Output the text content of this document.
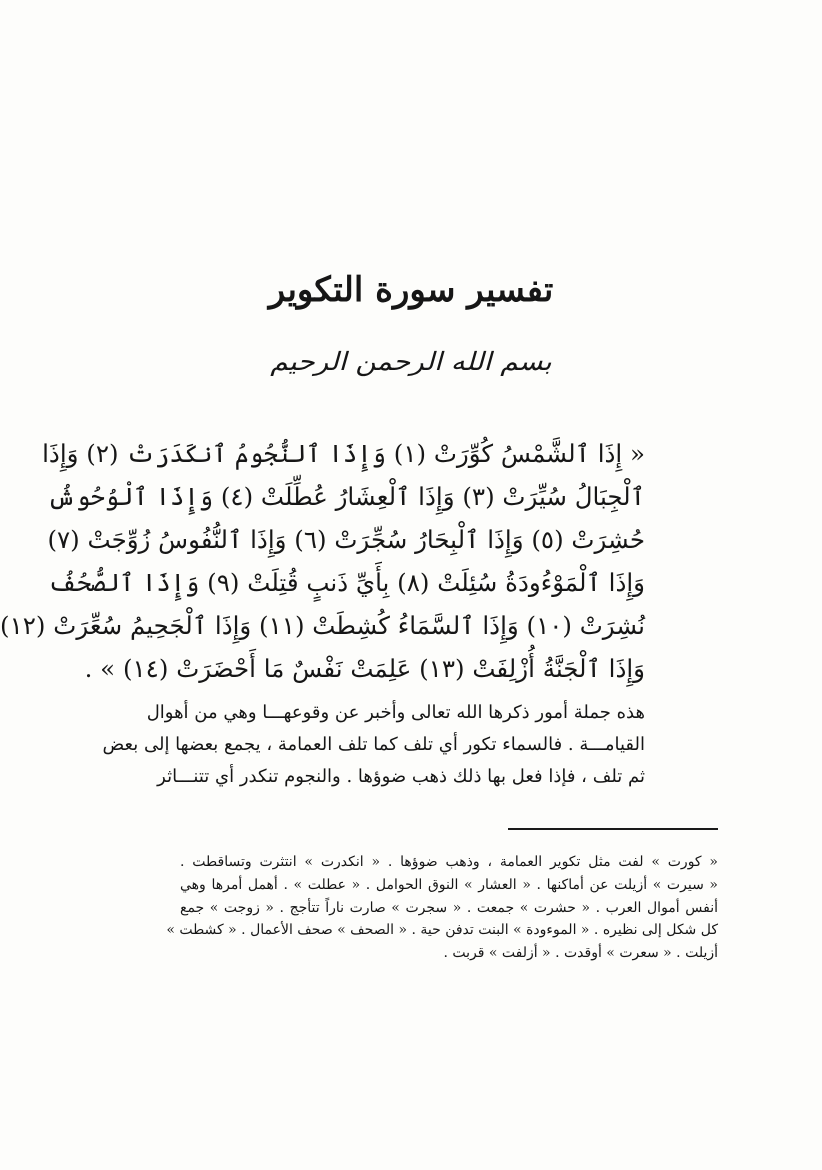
تفسير سورة التكوير
بسم الله الرحمن الرحيم
« إِذَا ٱلشَّمْسُ كُوِّرَتْ (١) وَإِذَا ٱلنُّجُومُ ٱنكَدَرَتْ (٢) وَإِذَا
ٱلْجِبَالُ سُيِّرَتْ (٣) وَإِذَا ٱلْعِشَارُ عُطِّلَتْ (٤) وَإِذَا ٱلْوُحُوشُ
حُشِرَتْ (٥) وَإِذَا ٱلْبِحَارُ سُجِّرَتْ (٦) وَإِذَا ٱلنُّفُوسُ زُوِّجَتْ (٧)
وَإِذَا ٱلْمَوْءُودَةُ سُئِلَتْ (٨) بِأَيِّ ذَنبٍ قُتِلَتْ (٩) وَإِذَا ٱلصُّحُفُ
نُشِرَتْ (١٠) وَإِذَا ٱلسَّمَاءُ كُشِطَتْ (١١) وَإِذَا ٱلْجَحِيمُ سُعِّرَتْ (١٢)
وَإِذَا ٱلْجَنَّةُ أُزْلِفَتْ (١٣) عَلِمَتْ نَفْسٌ مَا أَحْضَرَتْ (١٤) » .
هذه جملة أمور ذكرها الله تعالى وأخبر عن وقوعهـــا وهي من أهوال
القيامـــة . فالسماء تكور أي تلف كما تلف العمامة ، يجمع بعضها إلى بعض
ثم تلف ، فإذا فعل بها ذلك ذهب ضوؤها . والنجوم تنكدر أي تتنـــاثر
« كورت » لفت مثل تكوير العمامة ، وذهب ضوؤها . « انكدرت » انتثرت وتساقطت .
« سيرت » أزيلت عن أماكنها . « العشار » النوق الحوامل . « عطلت » . أهمل أمرها وهي
أنفس أموال العرب . « حشرت » جمعت . « سجرت » صارت ناراً تتأجج . « زوجت » جمع
كل شكل إلى نظيره . « الموءودة » البنت تدفن حية . « الصحف » صحف الأعمال . « كشطت »
أزيلت . « سعرت » أوقدت . « أزلفت » قربت .
